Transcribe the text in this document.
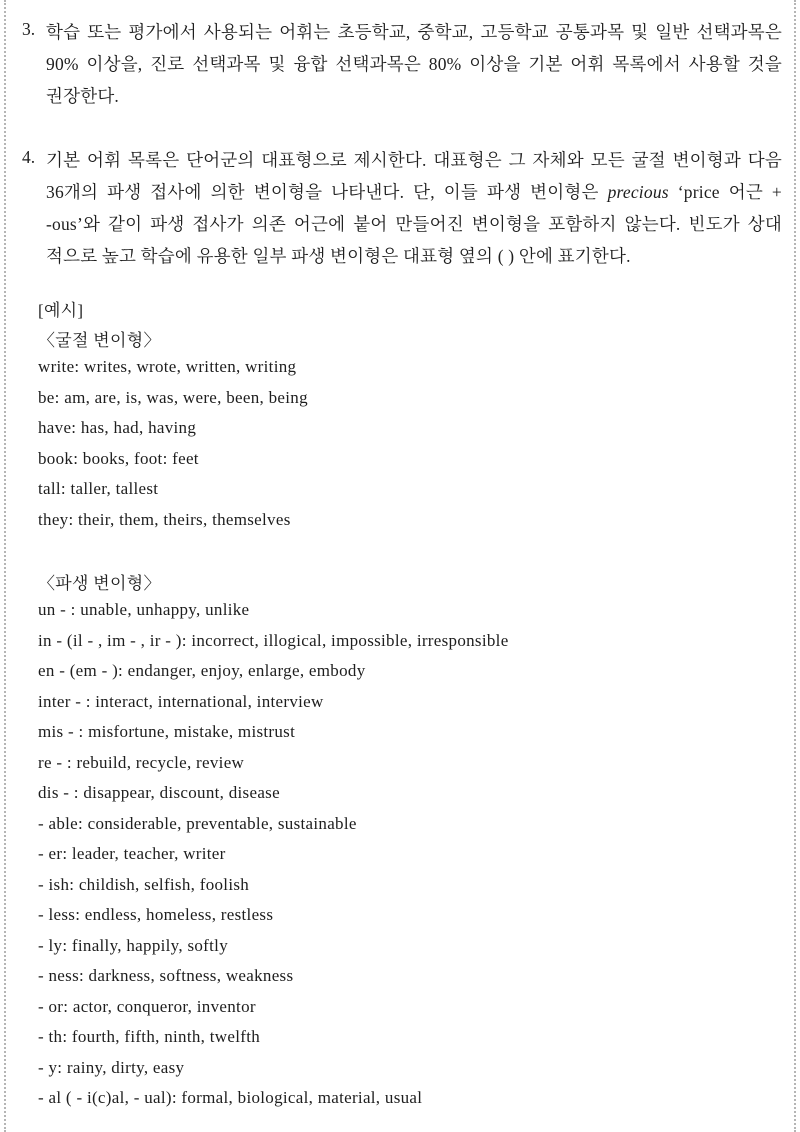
3. 학습 또는 평가에서 사용되는 어휘는 초등학교, 중학교, 고등학교 공통과목 및 일반 선택과목은
90% 이상을, 진로 선택과목 및 융합 선택과목은 80% 이상을 기본 어휘 목록에서 사용할 것을
권장한다.
4. 기본 어휘 목록은 단어군의 대표형으로 제시한다. 대표형은 그 자체와 모든 굴절 변이형과 다음
36개의 파생 접사에 의한 변이형을 나타낸다. 단, 이들 파생 변이형은 precious ‘price 어근 +
-ous’와 같이 파생 접사가 의존 어근에 붙어 만들어진 변이형을 포함하지 않는다. 빈도가 상대
적으로 높고 학습에 유용한 일부 파생 변이형은 대표형 옆의 ( ) 안에 표기한다.
[예시]
〈굴절 변이형〉
write: writes, wrote, written, writing
be: am, are, is, was, were, been, being
have: has, had, having
book: books, foot: feet
tall: taller, tallest
they: their, them, theirs, themselves
〈파생 변이형〉
un - : unable, unhappy, unlike
in - (il - , im - , ir - ): incorrect, illogical, impossible, irresponsible
en - (em - ): endanger, enjoy, enlarge, embody
inter - : interact, international, interview
mis - : misfortune, mistake, mistrust
re - : rebuild, recycle, review
dis - : disappear, discount, disease
- able: considerable, preventable, sustainable
- er: leader, teacher, writer
- ish: childish, selfish, foolish
- less: endless, homeless, restless
- ly: finally, happily, softly
- ness: darkness, softness, weakness
- or: actor, conqueror, inventor
- th: fourth, fifth, ninth, twelfth
- y: rainy, dirty, easy
- al ( - i(c)al, - ual): formal, biological, material, usual
